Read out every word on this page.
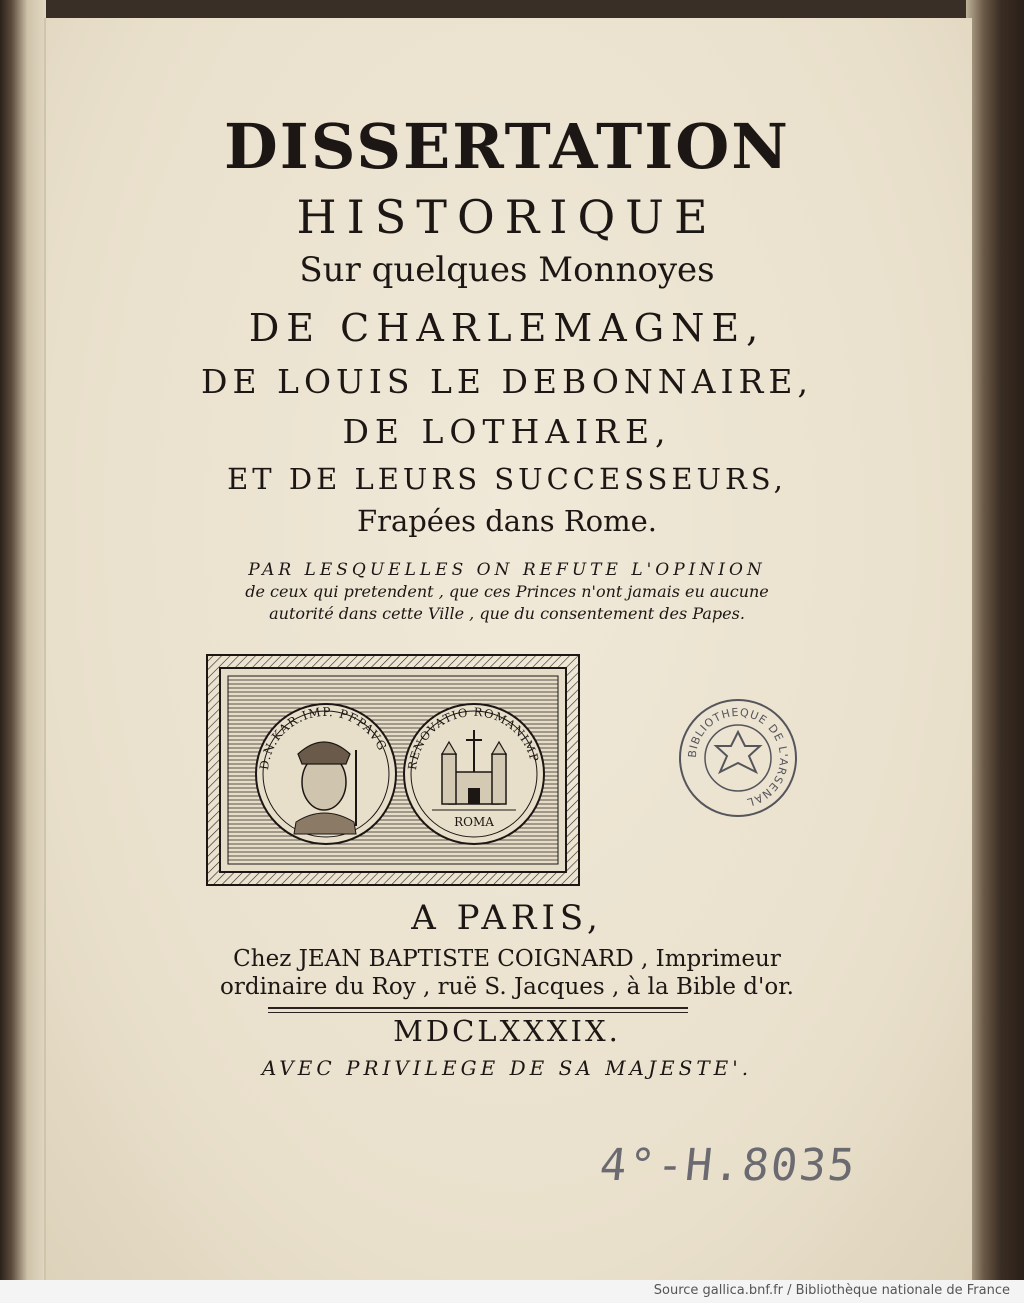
DISSERTATION
HISTORIQUE
Sur quelques Monnoyes
DE CHARLEMAGNE,
DE LOUIS LE DEBONNAIRE,
DE LOTHAIRE,
ET DE LEURS SUCCESSEURS,
Frapées dans Rome.
PAR LESQUELLES ON REFUTE L'OPINION
de ceux qui pretendent , que ces Princes n'ont jamais eu aucune
autorité dans cette Ville , que du consentement des Papes.
D.N.KAR.IMP. PFPAVG
RENOVATIO ROMANIMP
ROMA
BIBLIOTHEQUE DE L'ARSENAL
A PARIS,
Chez JEAN BAPTISTE COIGNARD , Imprimeur
ordinaire du Roy , ruë S. Jacques , à la Bible d'or.
MDCLXXXIX.
AVEC PRIVILEGE DE SA MAJESTE'.
4°-H.8035
Source gallica.bnf.fr / Bibliothèque nationale de France
